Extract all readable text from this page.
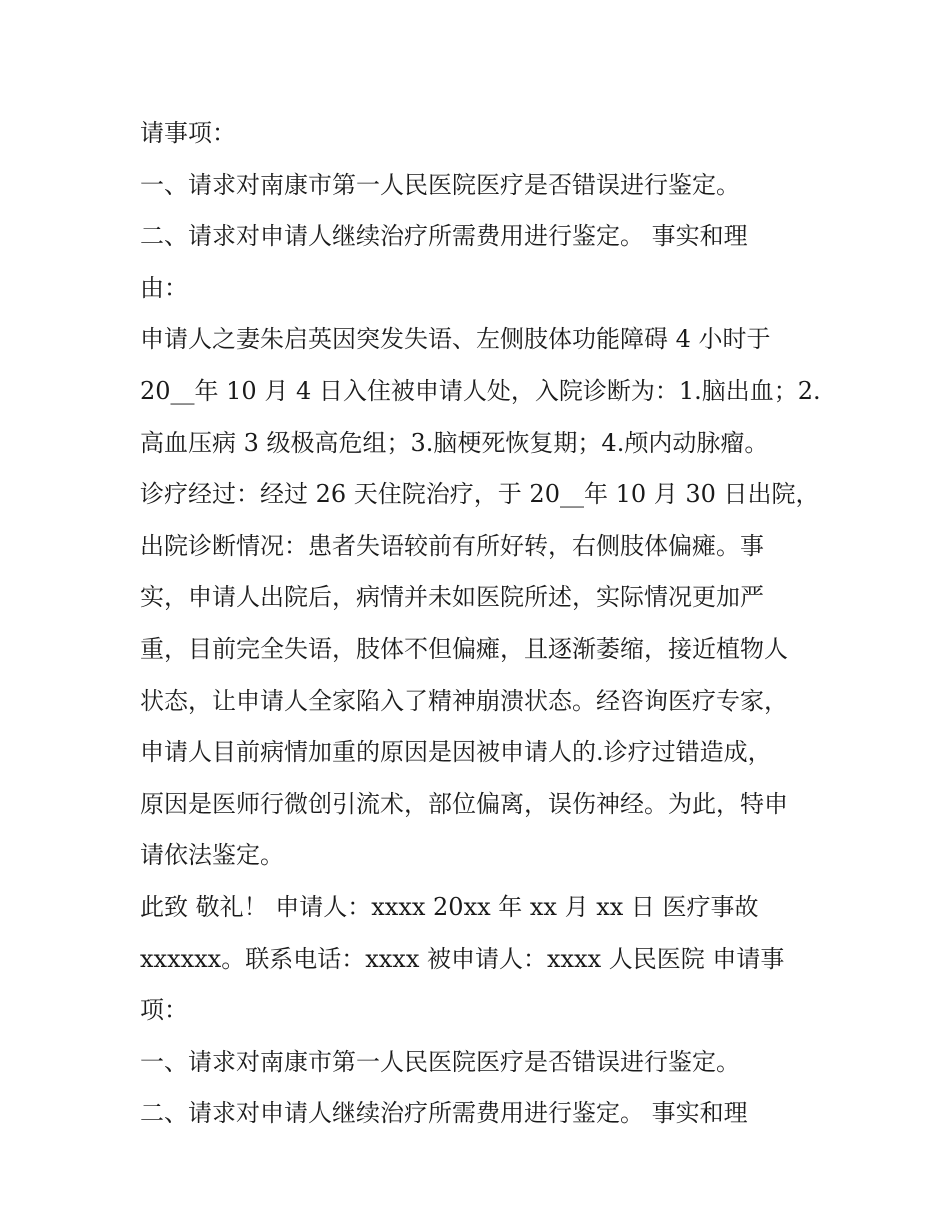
请事项：
一、请求对南康市第一人民医院医疗是否错误进行鉴定。
二、请求对申请人继续治疗所需费用进行鉴定。 事实和理
由：
申请人之妻朱启英因突发失语、左侧肢体功能障碍 4 小时于
20__年 10 月 4 日入住被申请人处，入院诊断为：1.脑出血；2.
高血压病 3 级极高危组；3.脑梗死恢复期；4.颅内动脉瘤。
诊疗经过：经过 26 天住院治疗，于 20__年 10 月 30 日出院，
出院诊断情况：患者失语较前有所好转，右侧肢体偏瘫。事
实，申请人出院后，病情并未如医院所述，实际情况更加严
重，目前完全失语，肢体不但偏瘫，且逐渐萎缩，接近植物人
状态，让申请人全家陷入了精神崩溃状态。经咨询医疗专家，
申请人目前病情加重的原因是因被申请人的.诊疗过错造成，
原因是医师行微创引流术，部位偏离，误伤神经。为此，特申
请依法鉴定。
此致 敬礼！ 申请人：xxxx 20xx 年 xx 月 xx 日 医疗事故
xxxxxx。联系电话：xxxx 被申请人：xxxx 人民医院 申请事
项：
一、请求对南康市第一人民医院医疗是否错误进行鉴定。
二、请求对申请人继续治疗所需费用进行鉴定。 事实和理
